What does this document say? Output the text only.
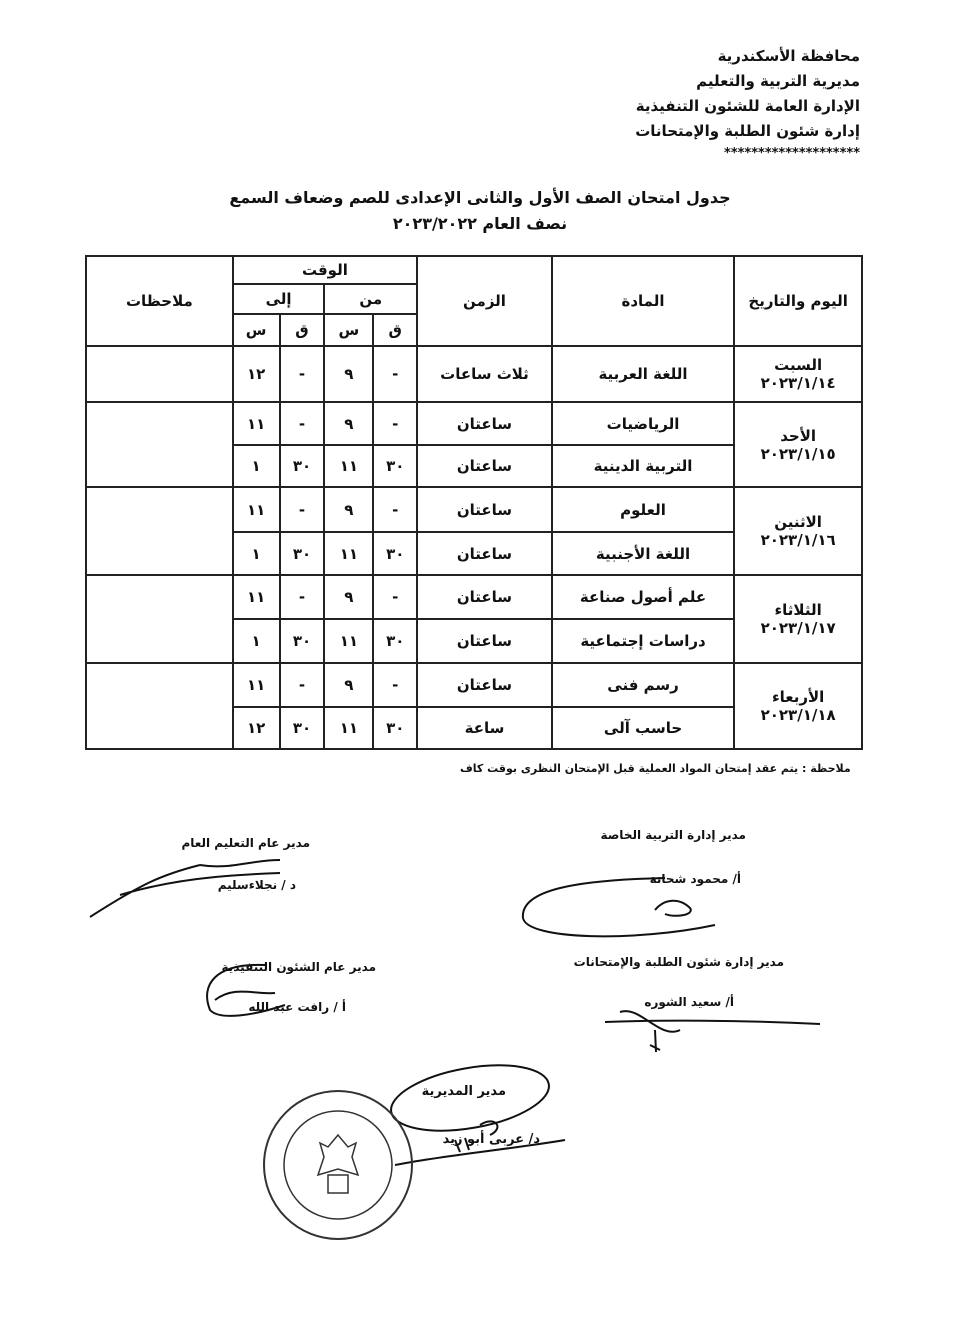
محافظة الأسكندرية
مديرية التربية والتعليم
الإدارة العامة للشئون التنفيذية
إدارة شئون الطلبة والإمتحانات
********************
جدول امتحان الصف الأول والثانى الإعدادى للصم وضعاف السمع
نصف العام ٢٠٢٣/٢٠٢٢
اليوم والتاريخ	المادة	الزمن	الوقت				ملاحظات
			من		إلى		
			ق	س	ق	س	

السبت
٢٠٢٣/١/١٤	اللغة العربية	ثلاث ساعات	-	٩	-	١٢	

الأحد
٢٠٢٣/١/١٥	الرياضيات	ساعتان	-	٩	-	١١	
	التربية الدينية	ساعتان	٣٠	١١	٣٠	١	

الاثنين
٢٠٢٣/١/١٦	العلوم	ساعتان	-	٩	-	١١	
	اللغة الأجنبية	ساعتان	٣٠	١١	٣٠	١	

الثلاثاء
٢٠٢٣/١/١٧	علم أصول صناعة	ساعتان	-	٩	-	١١	
	دراسات إجتماعية	ساعتان	٣٠	١١	٣٠	١	

الأربعاء
٢٠٢٣/١/١٨	رسم فنى	ساعتان	-	٩	-	١١	
	حاسب آلى	ساعة	٣٠	١١	٣٠	١٢	
ملاحظة : يتم عقد إمتحان المواد العملية قبل الإمتحان النظرى بوقت كاف
مدير إدارة التربية الخاصة
أ/ محمود شحاتة
مدير عام التعليم العام
د / نجلاءسليم
مدير إدارة شئون الطلبة والإمتحانات
أ/ سعيد الشوره
مدير عام الشئون التنفيذية
أ / رافت عبد الله
مدير المديرية
د/ عربى أبو زيد
